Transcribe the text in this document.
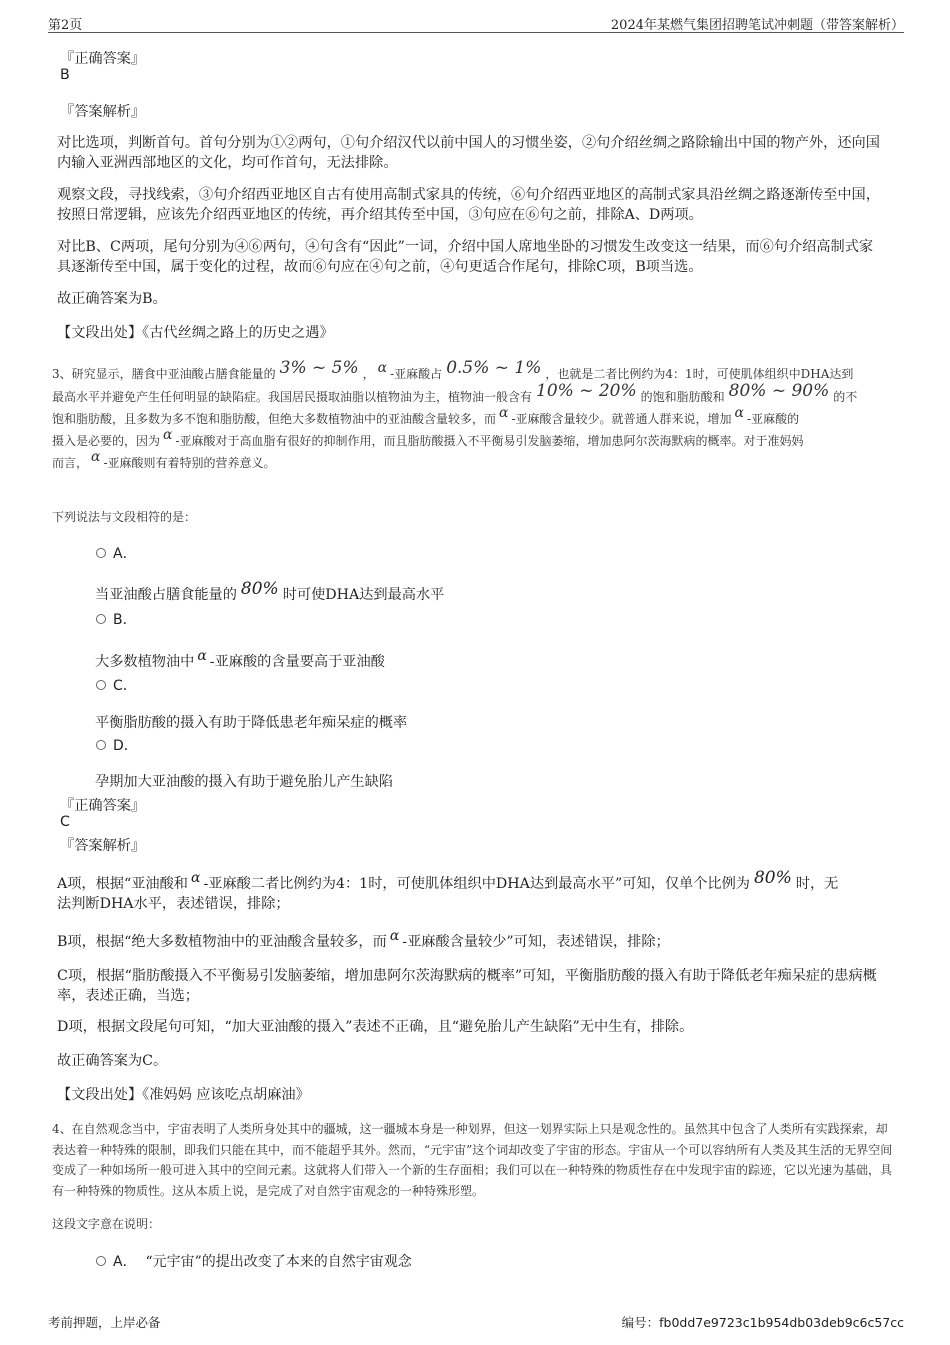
第2页	2024年某燃气集团招聘笔试冲刺题（带答案解析）
『正确答案』
B
『答案解析』
对比选项，判断首句。首句分别为①②两句，①句介绍汉代以前中国人的习惯坐姿，②句介绍丝绸之路除输出中国的物产外，还向国内输入亚洲西部地区的文化，均可作首句，无法排除。
观察文段，寻找线索，③句介绍西亚地区自古有使用高制式家具的传统，⑥句介绍西亚地区的高制式家具沿丝绸之路逐渐传至中国，按照日常逻辑，应该先介绍西亚地区的传统，再介绍其传至中国，③句应在⑥句之前，排除A、D两项。
对比B、C两项，尾句分别为④⑥两句，④句含有“因此”一词，介绍中国人席地坐卧的习惯发生改变这一结果，而⑥句介绍高制式家具逐渐传至中国，属于变化的过程，故而⑥句应在④句之前，④句更适合作尾句，排除C项，B项当选。
故正确答案为B。
【文段出处】《古代丝绸之路上的历史之遇》
3、研究显示，膳食中亚油酸占膳食能量的 3% ~ 5% ， α -亚麻酸占 0.5% ~ 1% ，也就是二者比例约为4：1时，可使肌体组织中DHA达到
最高水平并避免产生任何明显的缺陷症。我国居民摄取油脂以植物油为主，植物油一般含有 10% ~ 20% 的饱和脂肪酸和 80% ~ 90% 的不
饱和脂肪酸，且多数为多不饱和脂肪酸，但绝大多数植物油中的亚油酸含量较多，而 α -亚麻酸含量较少。就普通人群来说，增加 α -亚麻酸的
摄入是必要的，因为 α -亚麻酸对于高血脂有很好的抑制作用，而且脂肪酸摄入不平衡易引发脑萎缩，增加患阿尔茨海默病的概率。对于准妈妈
而言， α -亚麻酸则有着特别的营养意义。
下列说法与文段相符的是：
A．
当亚油酸占膳食能量的 80% 时可使DHA达到最高水平
B．
大多数植物油中 α -亚麻酸的含量要高于亚油酸
C．
平衡脂肪酸的摄入有助于降低患老年痴呆症的概率
D．
孕期加大亚油酸的摄入有助于避免胎儿产生缺陷
『正确答案』
C
『答案解析』
A项，根据“亚油酸和 α -亚麻酸二者比例约为4：1时，可使肌体组织中DHA达到最高水平”可知，仅单个比例为 80% 时，无
法判断DHA水平，表述错误，排除；
B项，根据“绝大多数植物油中的亚油酸含量较多，而 α -亚麻酸含量较少”可知，表述错误，排除；
C项，根据“脂肪酸摄入不平衡易引发脑萎缩，增加患阿尔茨海默病的概率”可知，平衡脂肪酸的摄入有助于降低老年痴呆症的患病概率，表述正确，当选；
D项，根据文段尾句可知，“加大亚油酸的摄入”表述不正确，且“避免胎儿产生缺陷”无中生有，排除。
故正确答案为C。
【文段出处】《准妈妈 应该吃点胡麻油》
4、在自然观念当中，宇宙表明了人类所身处其中的疆城，这一疆城本身是一种划界，但这一划界实际上只是观念性的。虽然其中包含了人类所有实践探索，却表达着一种特殊的限制，即我们只能在其中，而不能超乎其外。然而，“元宇宙”这个词却改变了宇宙的形态。宇宙从一个可以容纳所有人类及其生活的无界空间变成了一种如场所一般可进入其中的空间元素。这就将人们带入一个新的生存面相；我们可以在一种特殊的物质性存在中发现宇宙的踪迹，它以光速为基础，具有一种特殊的物质性。这从本质上说，是完成了对自然宇宙观念的一种特殊形塑。
这段文字意在说明：
A． “元宇宙”的提出改变了本来的自然宇宙观念
考前押题，上岸必备	编号：fb0dd7e9723c1b954db03deb9c6c57cc
